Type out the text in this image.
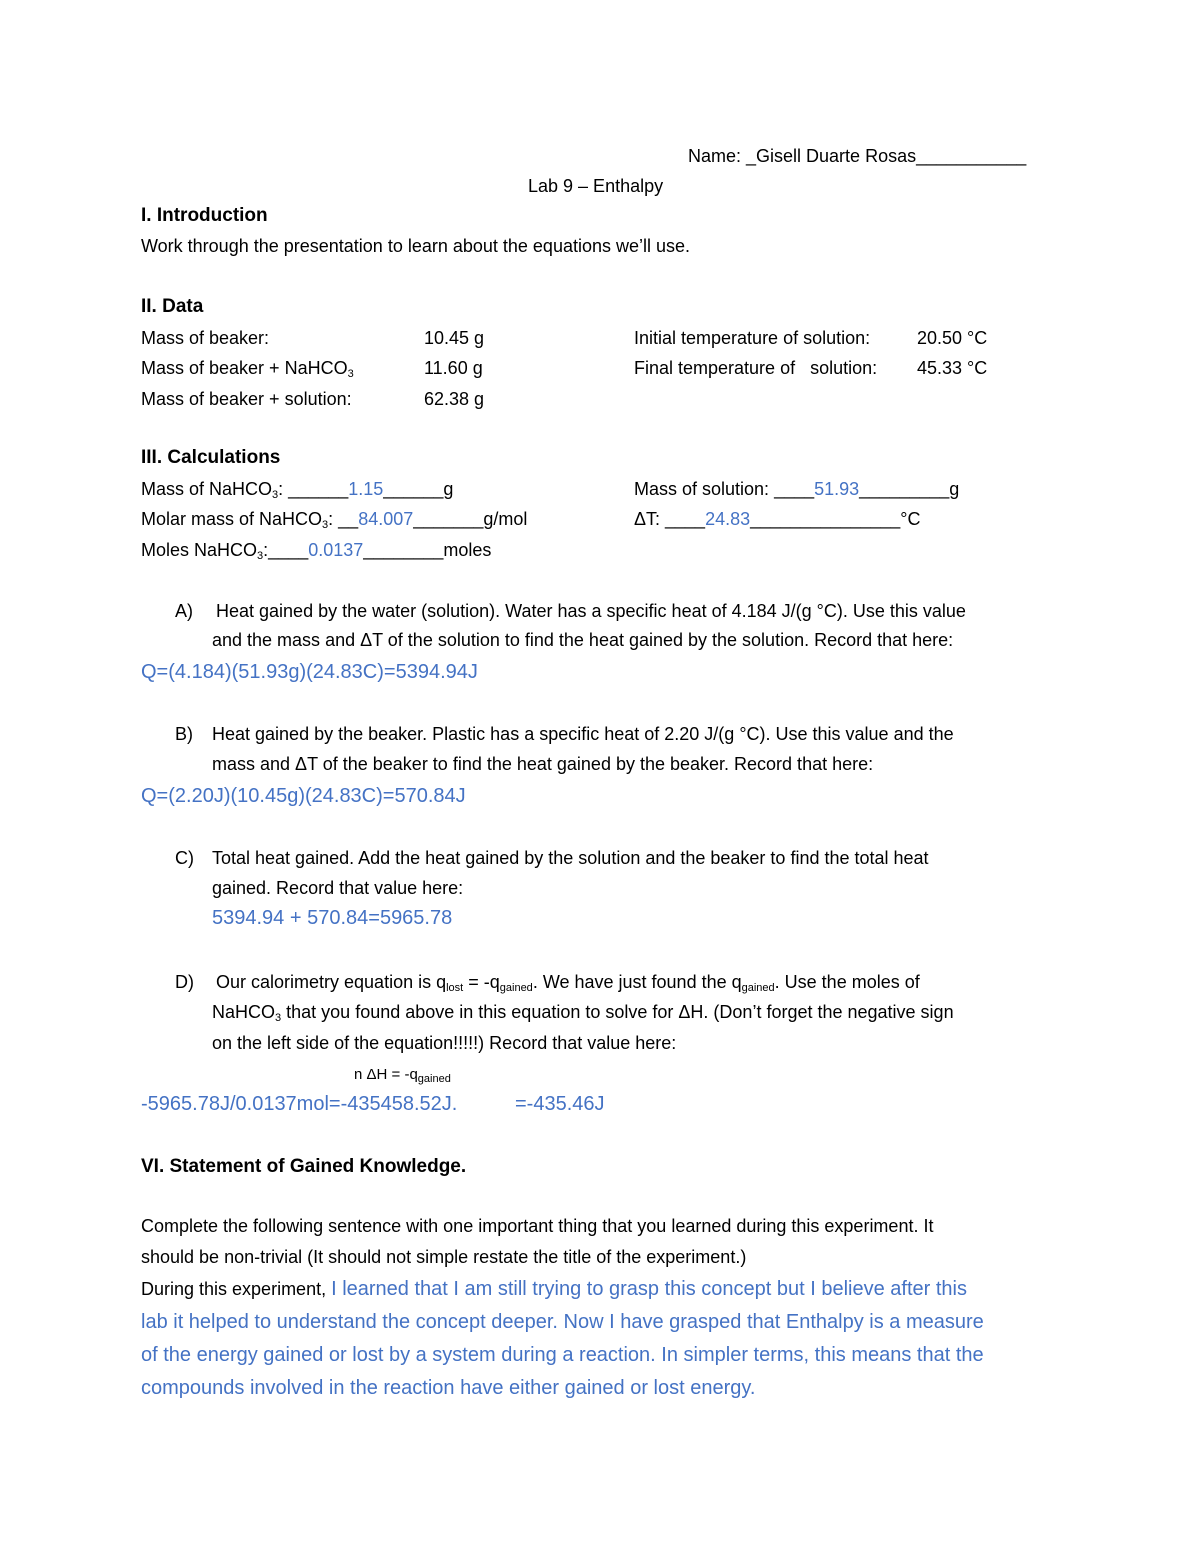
Name: _Gisell Duarte Rosas___________
Lab 9 – Enthalpy
I. Introduction
Work through the presentation to learn about the equations we’ll use.
II. Data
Mass of beaker:	10.45 g	Initial temperature of solution:	20.50 °C
Mass of beaker + NaHCO$_3$	11.60 g	Final temperature of   solution: 45.33 °C
Mass of beaker + solution:	62.38 g
III. Calculations
Mass of NaHCO$_3$: ______1.15______g	Mass of solution: ____51.93_________g
Molar mass of NaHCO$_3$: __84.007_______g/mol	ΔT: ____24.83_______________°C
Moles NaHCO$_3$:____0.0137________moles
A) Heat gained by the water (solution). Water has a specific heat of 4.184 J/(g °C). Use this value
and the mass and ΔT of the solution to find the heat gained by the solution. Record that here:
Q=(4.184)(51.93g)(24.83C)=5394.94J
B) Heat gained by the beaker. Plastic has a specific heat of 2.20 J/(g °C). Use this value and the
mass and ΔT of the beaker to find the heat gained by the beaker. Record that here:
Q=(2.20J)(10.45g)(24.83C)=570.84J
C) Total heat gained. Add the heat gained by the solution and the beaker to find the total heat
gained. Record that value here:
5394.94 + 570.84=5965.78
D) Our calorimetry equation is $q_{lost} = -q_{gained}$. We have just found the $q_{gained}$. Use the moles of
NaHCO$_3$ that you found above in this equation to solve for ΔH. (Don’t forget the negative sign
on the left side of the equation!!!!!) Record that value here:
n $\Delta H = -q_{gained}$
-5965.78J/0.0137mol=-435458.52J.	=-435.46J
VI. Statement of Gained Knowledge.
Complete the following sentence with one important thing that you learned during this experiment. It
should be non-trivial (It should not simple restate the title of the experiment.)
During this experiment, I learned that I am still trying to grasp this concept but I believe after this
lab it helped to understand the concept deeper. Now I have grasped that Enthalpy is a measure
of the energy gained or lost by a system during a reaction. In simpler terms, this means that the
compounds involved in the reaction have either gained or lost energy.
